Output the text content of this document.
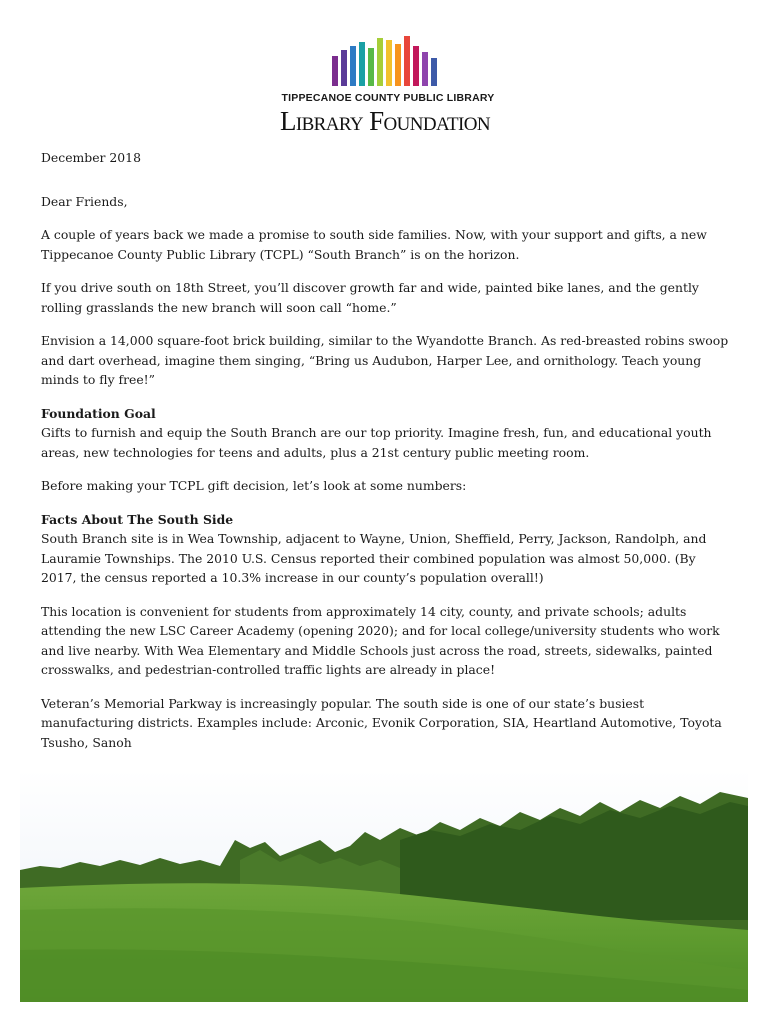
TIPPECANOE COUNTY PUBLIC LIBRARY
Library Foundation

December 2018

Dear Friends,

A couple of years back we made a promise to south side families. Now, with your support and gifts, a new Tippecanoe County Public Library (TCPL) “South Branch” is on the horizon.

If you drive south on 18th Street, you’ll discover growth far and wide, painted bike lanes, and the gently rolling grasslands the new branch will soon call “home.”

Envision a 14,000 square-foot brick building, similar to the Wyandotte Branch. As red-breasted robins swoop and dart overhead, imagine them singing, “Bring us Audubon, Harper Lee, and ornithology. Teach young minds to fly free!”

Foundation Goal

Gifts to furnish and equip the South Branch are our top priority. Imagine fresh, fun, and educational youth areas, new technologies for teens and adults, plus a 21st century public meeting room.

Before making your TCPL gift decision, let’s look at some numbers:

Facts About The South Side

South Branch site is in Wea Township, adjacent to Wayne, Union, Sheffield, Perry, Jackson, Randolph, and Lauramie Townships. The 2010 U.S. Census reported their combined population was almost 50,000. (By 2017, the census reported a 10.3% increase in our county’s population overall!)

This location is convenient for students from approximately 14 city, county, and private schools; adults attending the new LSC Career Academy (opening 2020); and for local college/university students who work and live nearby. With Wea Elementary and Middle Schools just across the road, streets, sidewalks, painted crosswalks, and pedestrian-controlled traffic lights are already in place!

Veteran’s Memorial Parkway is increasingly popular. The south side is one of our state’s busiest manufacturing districts. Examples include: Arconic, Evonik Corporation, SIA, Heartland Automotive, Toyota Tsusho, Sanoh
